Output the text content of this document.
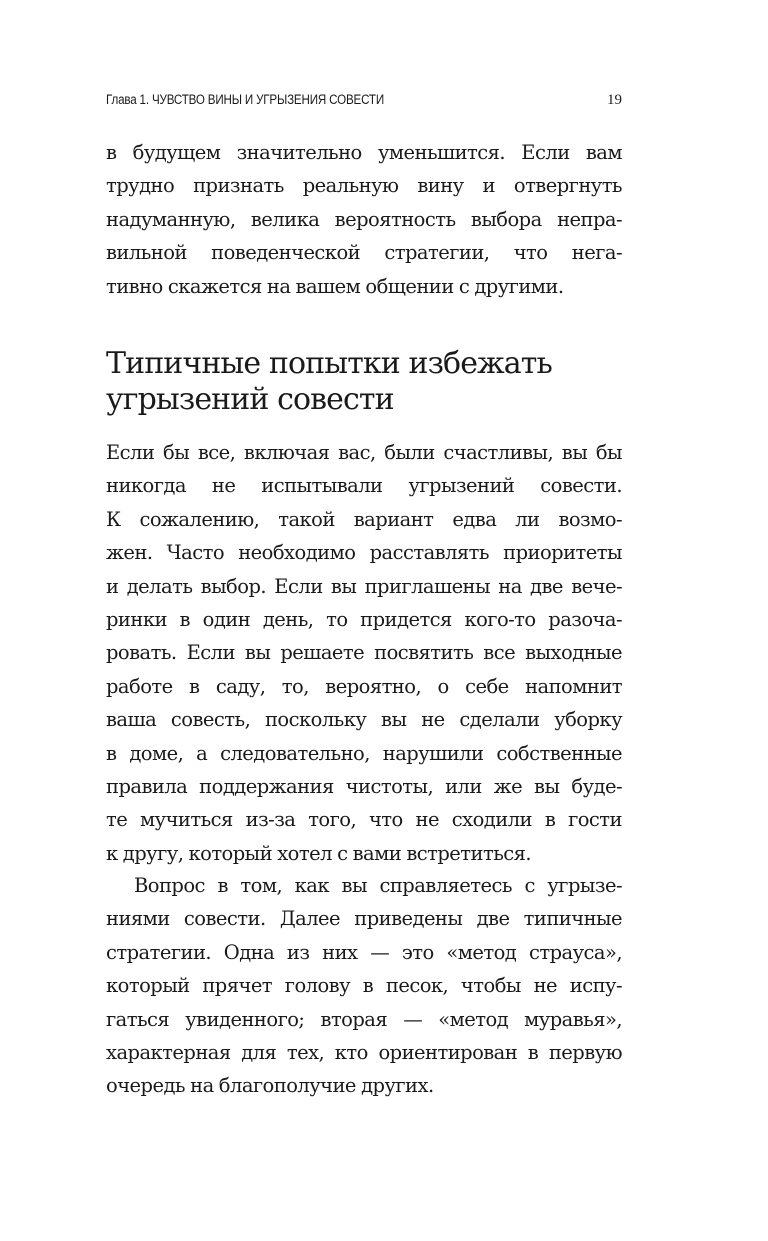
Глава 1. ЧУВСТВО ВИНЫ И УГРЫЗЕНИЯ СОВЕСТИ	19
в будущем значительно уменьшится. Если вам
трудно признать реальную вину и отвергнуть
надуманную, велика вероятность выбора непра-
вильной поведенческой стратегии, что нега-
тивно скажется на вашем общении с другими.
Типичные попытки избежать
угрызений совести
Если бы все, включая вас, были счастливы, вы бы
никогда не испытывали угрызений совести.
К сожалению, такой вариант едва ли возмо-
жен. Часто необходимо расставлять приоритеты
и делать выбор. Если вы приглашены на две вече-
ринки в один день, то придется кого-то разоча-
ровать. Если вы решаете посвятить все выходные
работе в саду, то, вероятно, о себе напомнит
ваша совесть, поскольку вы не сделали уборку
в доме, а следовательно, нарушили собственные
правила поддержания чистоты, или же вы буде-
те мучиться из-за того, что не сходили в гости
к другу, который хотел с вами встретиться.
Вопрос в том, как вы справляетесь с угрызе-
ниями совести. Далее приведены две типичные
стратегии. Одна из них — это «метод страуса»,
который прячет голову в песок, чтобы не испу-
гаться увиденного; вторая — «метод муравья»,
характерная для тех, кто ориентирован в первую
очередь на благополучие других.
